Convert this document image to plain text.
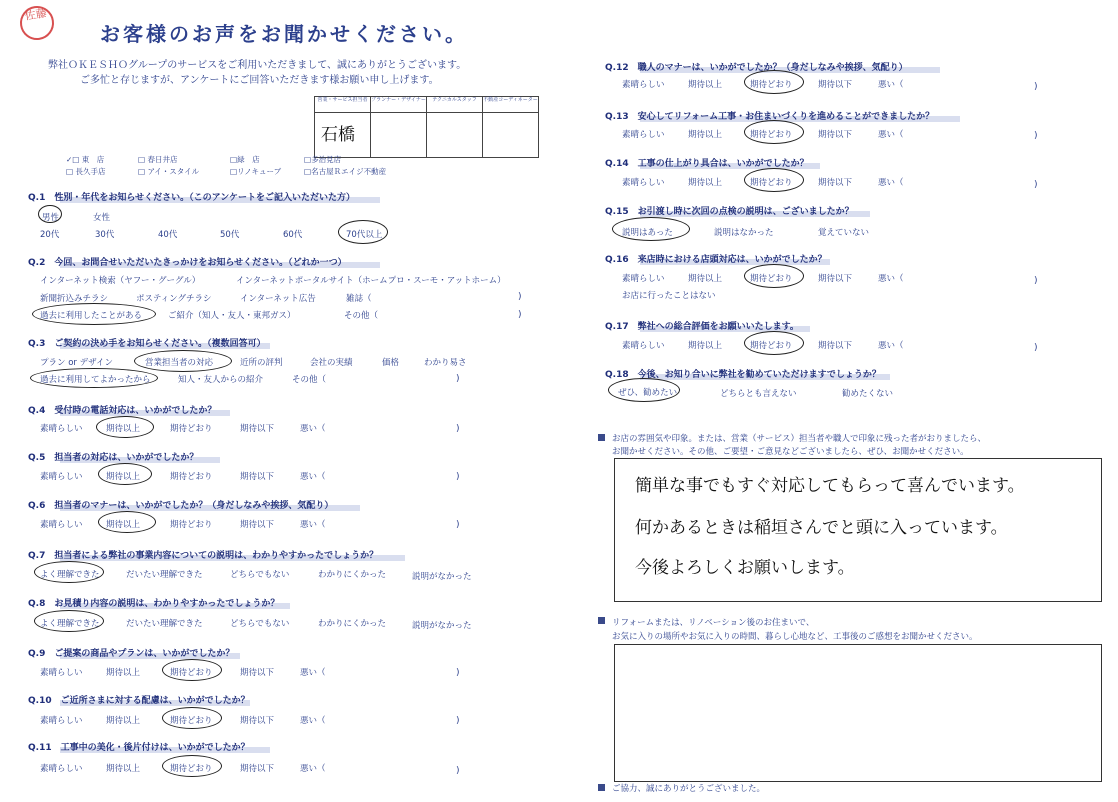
佐藤
お客様のお声をお聞かせください。
弊社ＯＫＥＳＨＯグループのサービスをご利用いただきまして、誠にありがとうございます。
ご多忙と存じますが、アンケートにご回答いただきます様お願い申し上げます。
営業・サービス担当者 プランナー・デザイナー	テクニカルスタッフ	不動産コーディネーター
石橋
✓□ 東　店	□ 春日井店	□緑　店	□多治見店
□ 長久手店	□ アイ・スタイル	□リノキューブ	□名古屋Ｒエイジ不動産
Q.1　性別・年代をお知らせください。（このアンケートをご記入いただいた方）
男性	女性
20代	30代	40代	50代	60代	70代以上
Q.2　今回、お問合せいただいたきっかけをお知らせください。（どれか一つ）
インターネット検索（ヤフー・グーグル）	インターネットポータルサイト（ホームプロ・スーモ・アットホーム）
新聞折込みチラシ	ポスティングチラシ	インターネット広告	雑誌（	)
過去に利用したことがある	ご紹介（知人・友人・東邦ガス）	その他（	)
Q.3　ご契約の決め手をお知らせください。（複数回答可）
プラン or デザイン	営業担当者の対応	近所の評判	会社の実績	価格	わかり易さ
過去に利用してよかったから	知人・友人からの紹介	その他（	)
Q.4　受付時の電話対応は、いかがでしたか？
素晴らしい	期待以上	期待どおり	期待以下	悪い（	)
Q.5　担当者の対応は、いかがでしたか？
素晴らしい	期待以上	期待どおり	期待以下	悪い（	)
Q.6　担当者のマナーは、いかがでしたか？（身だしなみや挨拶、気配り）
素晴らしい	期待以上	期待どおり	期待以下	悪い（	)
Q.7　担当者による弊社の事業内容についての説明は、わかりやすかったでしょうか？
よく理解できた	だいたい理解できた	どちらでもない	わかりにくかった	説明がなかった
Q.8　お見積り内容の説明は、わかりやすかったでしょうか？
よく理解できた	だいたい理解できた	どちらでもない	わかりにくかった	説明がなかった
Q.9　ご提案の商品やプランは、いかがでしたか？
素晴らしい	期待以上	期待どおり	期待以下	悪い（	)
Q.10　ご近所さまに対する配慮は、いかがでしたか？
素晴らしい	期待以上	期待どおり	期待以下	悪い（	)
Q.11　工事中の美化・後片付けは、いかがでしたか？
素晴らしい	期待以上	期待どおり	期待以下	悪い（	)
Q.12　職人のマナーは、いかがでしたか？（身だしなみや挨拶、気配り）
素晴らしい	期待以上	期待どおり	期待以下	悪い（	)
Q.13　安心してリフォーム工事・お住まいづくりを進めることができましたか？
素晴らしい	期待以上	期待どおり	期待以下	悪い（	)
Q.14　工事の仕上がり具合は、いかがでしたか？
素晴らしい	期待以上	期待どおり	期待以下	悪い（	)
Q.15　お引渡し時に次回の点検の説明は、ございましたか？
説明はあった	説明はなかった	覚えていない
Q.16　来店時における店頭対応は、いかがでしたか？
素晴らしい	期待以上	期待どおり	期待以下	悪い（	)
お店に行ったことはない
Q.17　弊社への総合評価をお願いいたします。
素晴らしい	期待以上	期待どおり	期待以下	悪い（	)
Q.18　今後、お知り合いに弊社を勧めていただけますでしょうか？
ぜひ、勧めたい	どちらとも言えない	勧めたくない
お店の雰囲気や印象。または、営業（サービス）担当者や職人で印象に残った者がおりましたら、
お聞かせください。その他、ご要望・ご意見などございましたら、ぜひ、お聞かせください。
簡単な事でもすぐ対応してもらって喜んでいます。
何かあるときは稲垣さんでと頭に入っています。
今後よろしくお願いします。
リフォームまたは、リノベーション後のお住まいで、
お気に入りの場所やお気に入りの時間、暮らし心地など、工事後のご感想をお聞かせください。
ご協力、誠にありがとうございました。
